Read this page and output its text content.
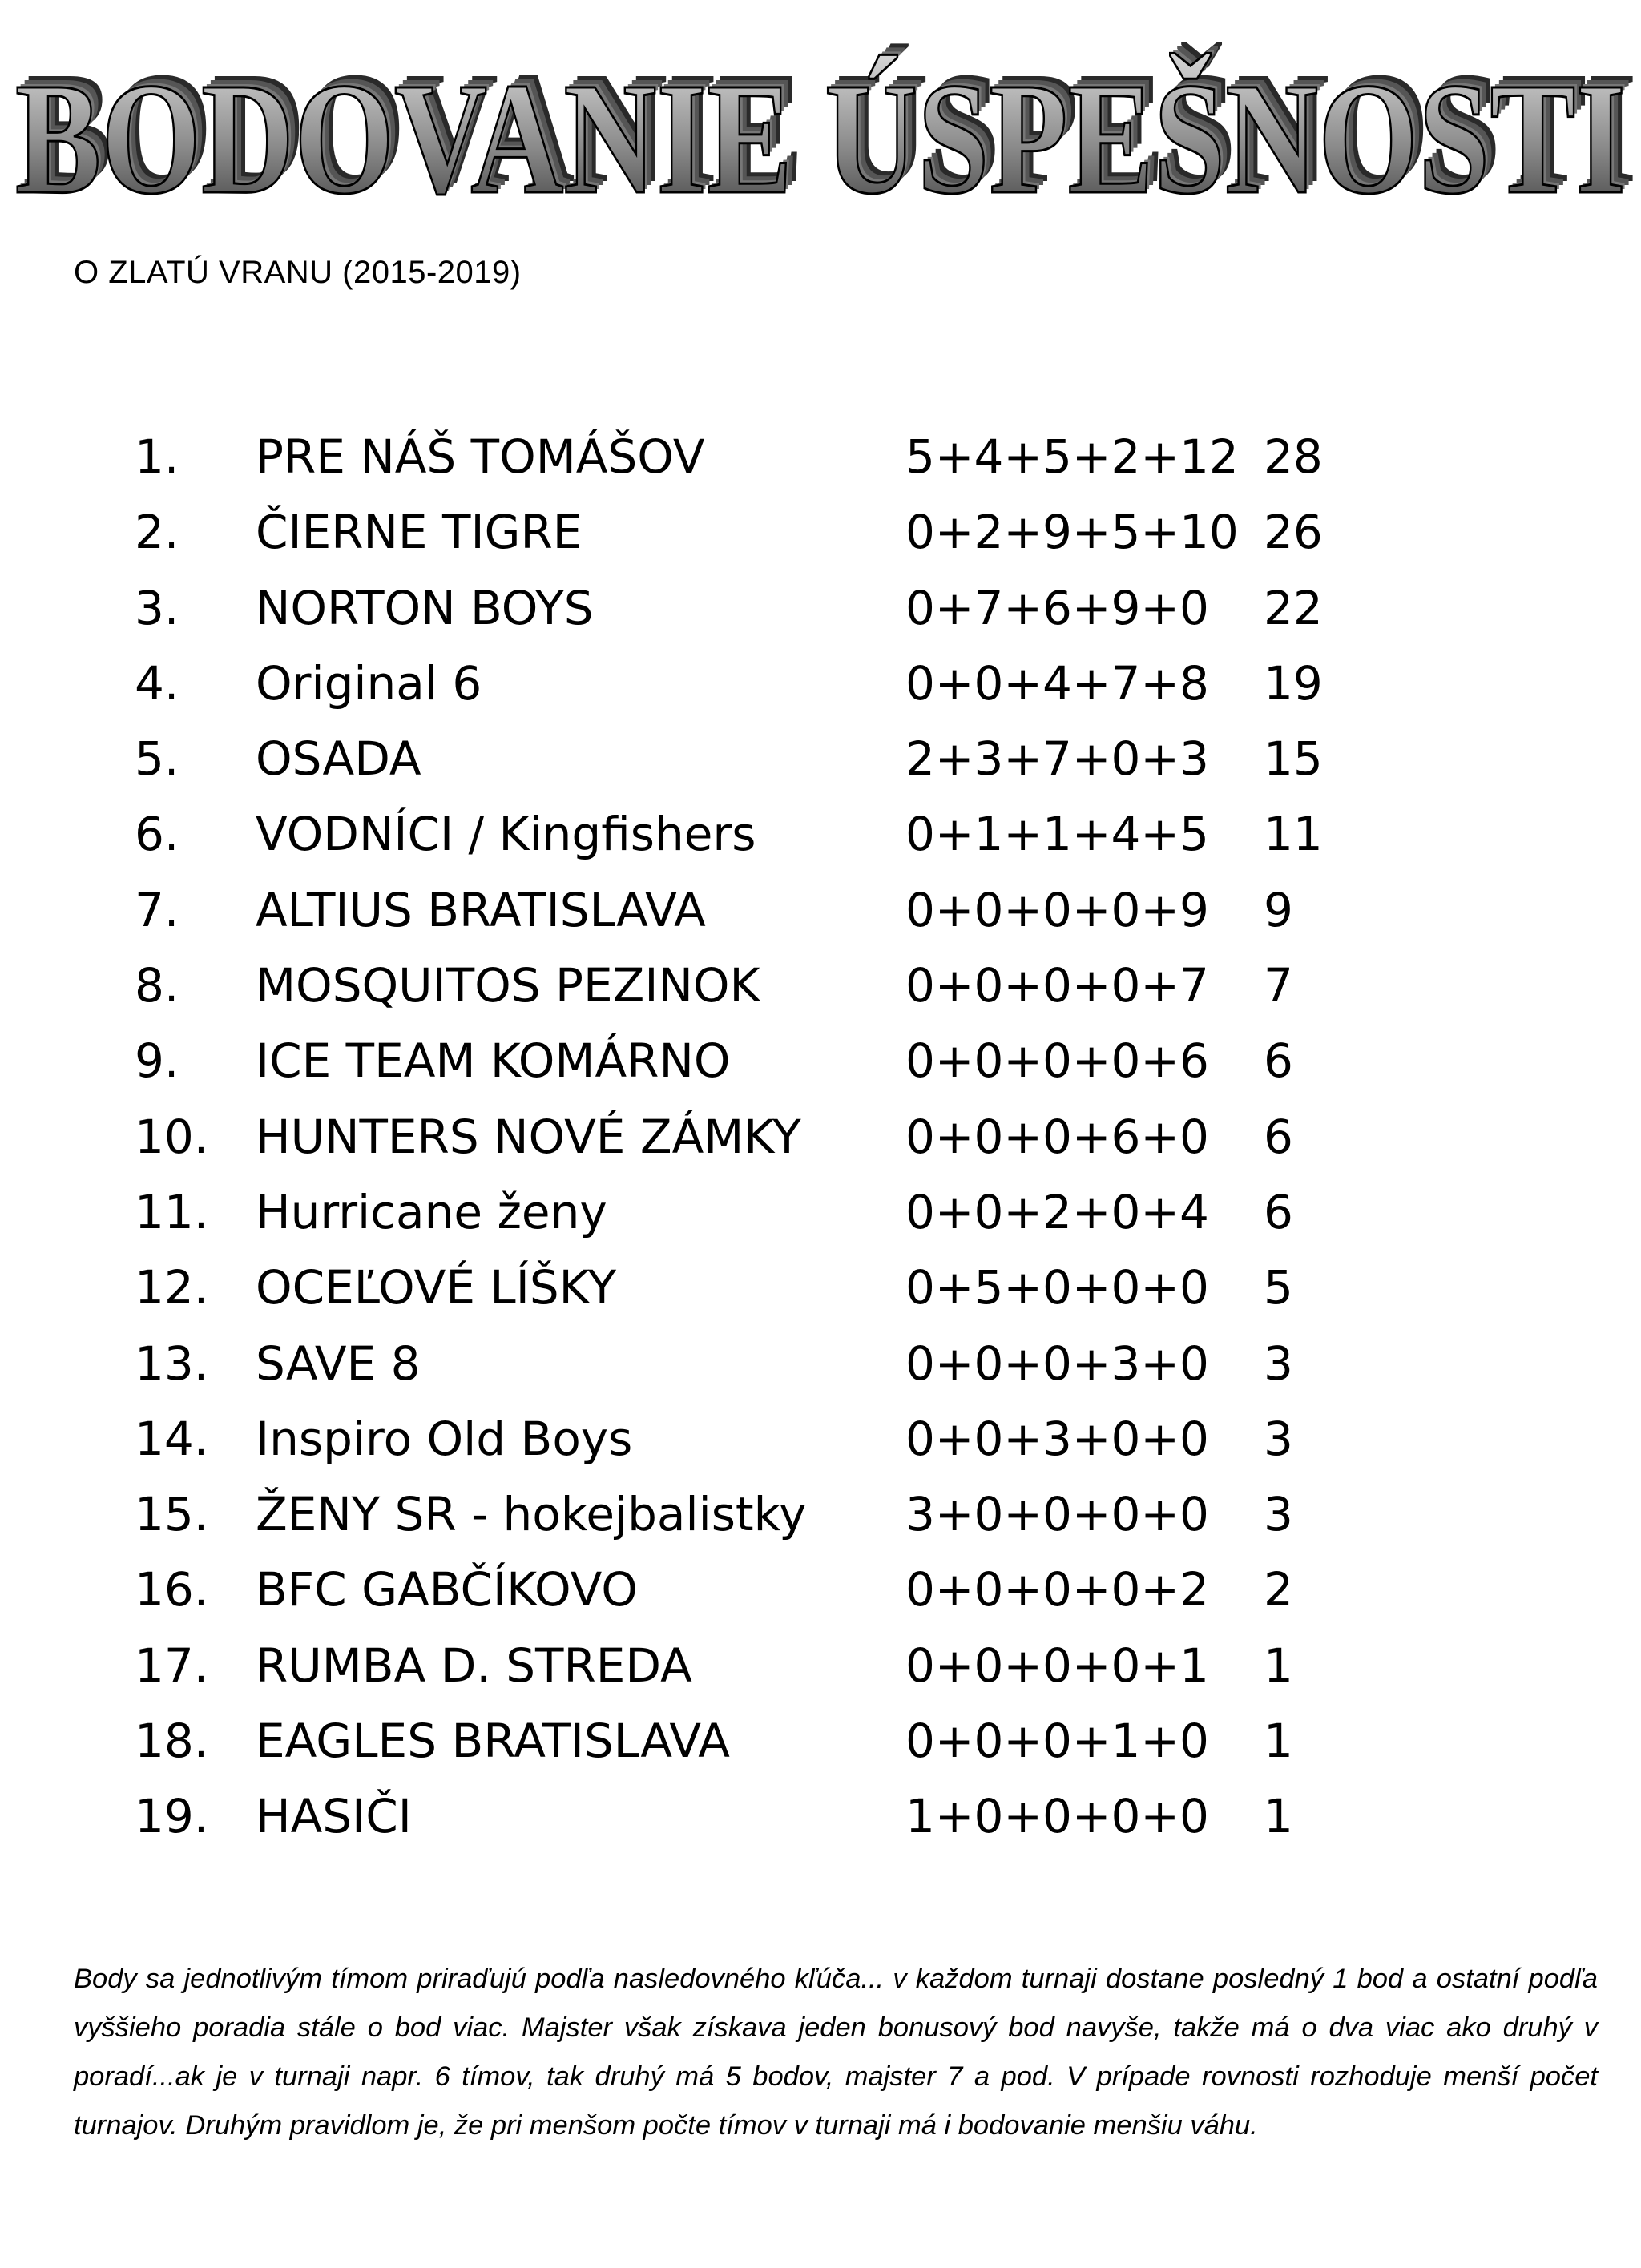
BODOVANIE ÚSPEŠNOSTI
BODOVANIE ÚSPEŠNOSTI
BODOVANIE ÚSPEŠNOSTI
BODOVANIE ÚSPEŠNOSTI
O ZLATÚ VRANU (2015-2019)
1. PRE NÁŠ TOMÁŠOV	5+4+5+2+12 28
2. ČIERNE TIGRE	0+2+9+5+10 26
3. NORTON BOYS	0+7+6+9+0 22
4. Original 6	0+0+4+7+8 19
5. OSADA	2+3+7+0+3 15
6. VODNÍCI / Kingfishers	0+1+1+4+5 11
7. ALTIUS BRATISLAVA	0+0+0+0+9 9
8. MOSQUITOS PEZINOK	0+0+0+0+7 7
9. ICE TEAM KOMÁRNO	0+0+0+0+6 6
10. HUNTERS NOVÉ ZÁMKY 0+0+0+6+0 6
11. Hurricane ženy	0+0+2+0+4 6
12. OCEĽOVÉ LÍŠKY	0+5+0+0+0 5
13. SAVE 8	0+0+0+3+0 3
14. Inspiro Old Boys	0+0+3+0+0 3
15. ŽENY SR - hokejbalistky 3+0+0+0+0 3
16. BFC GABČÍKOVO	0+0+0+0+2 2
17. RUMBA D. STREDA	0+0+0+0+1 1
18. EAGLES BRATISLAVA	0+0+0+1+0 1
19. HASIČI	1+0+0+0+0 1
Body sa jednotlivým tímom priraďujú podľa nasledovného kľúča... v každom turnaji dostane posledný 1 bod a ostatní podľa vyššieho poradia stále o bod viac. Majster však získava jeden bonusový bod navyše, takže má o dva viac ako druhý v poradí...ak je v turnaji napr. 6 tímov, tak druhý má 5 bodov, majster 7 a pod. V prípade rovnosti rozhoduje menší počet turnajov. Druhým pravidlom je, že pri menšom počte tímov v turnaji má i bodovanie menšiu váhu.
